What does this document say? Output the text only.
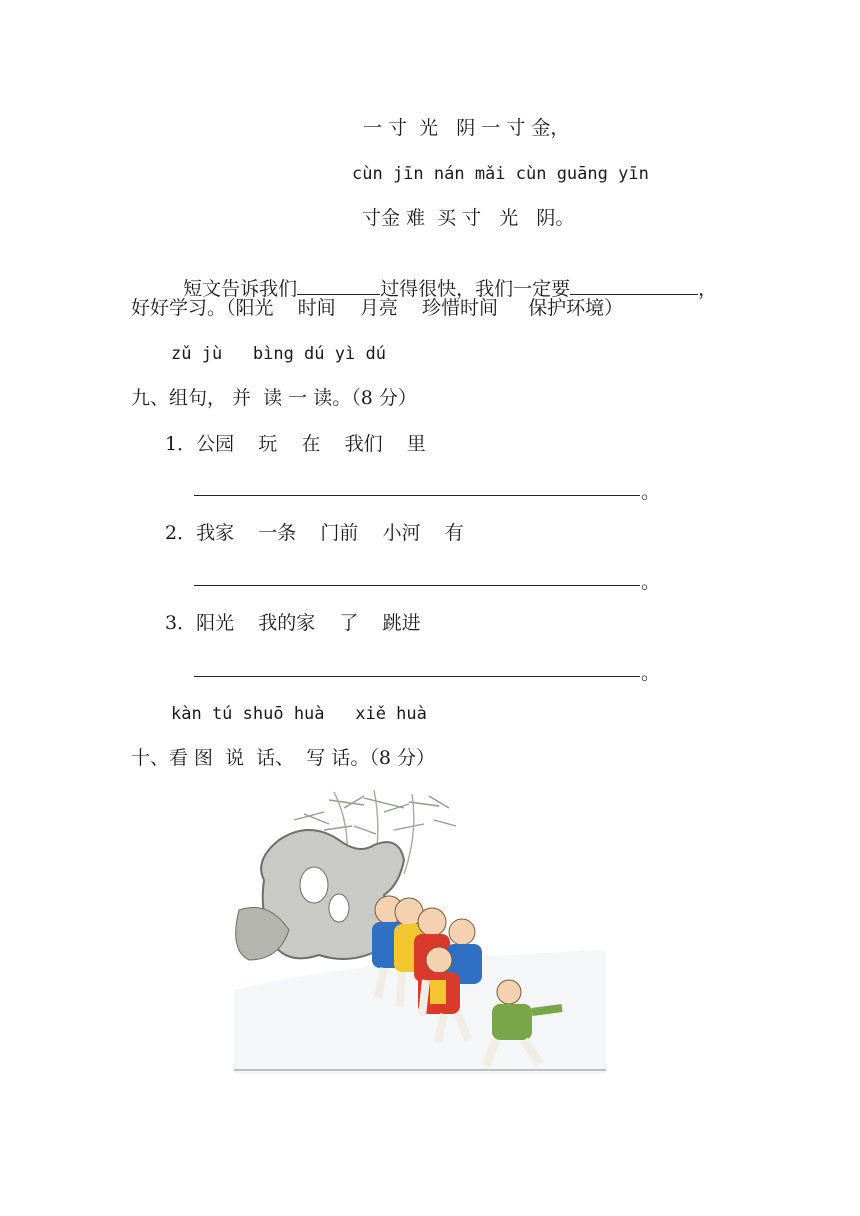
一 寸  光   阴 一 寸 金，
cùn jīn nán mǎi cùn guāng yīn
寸金 难  买 寸   光   阴。

短文告诉我们	过得很快，我们一定要	，

好好学习。（阳光    时间    月亮    珍惜时间     保护环境）
zǔ jù   bìng dú yì dú
九、组句， 并  读 一 读。（8 分）
1．公园    玩    在    我们    里
。
2．我家    一条    门前    小河    有
。
3．阳光    我的家    了    跳进
。
kàn tú shuō huà   xiě huà
十、看 图  说  话、  写 话。（8 分）
